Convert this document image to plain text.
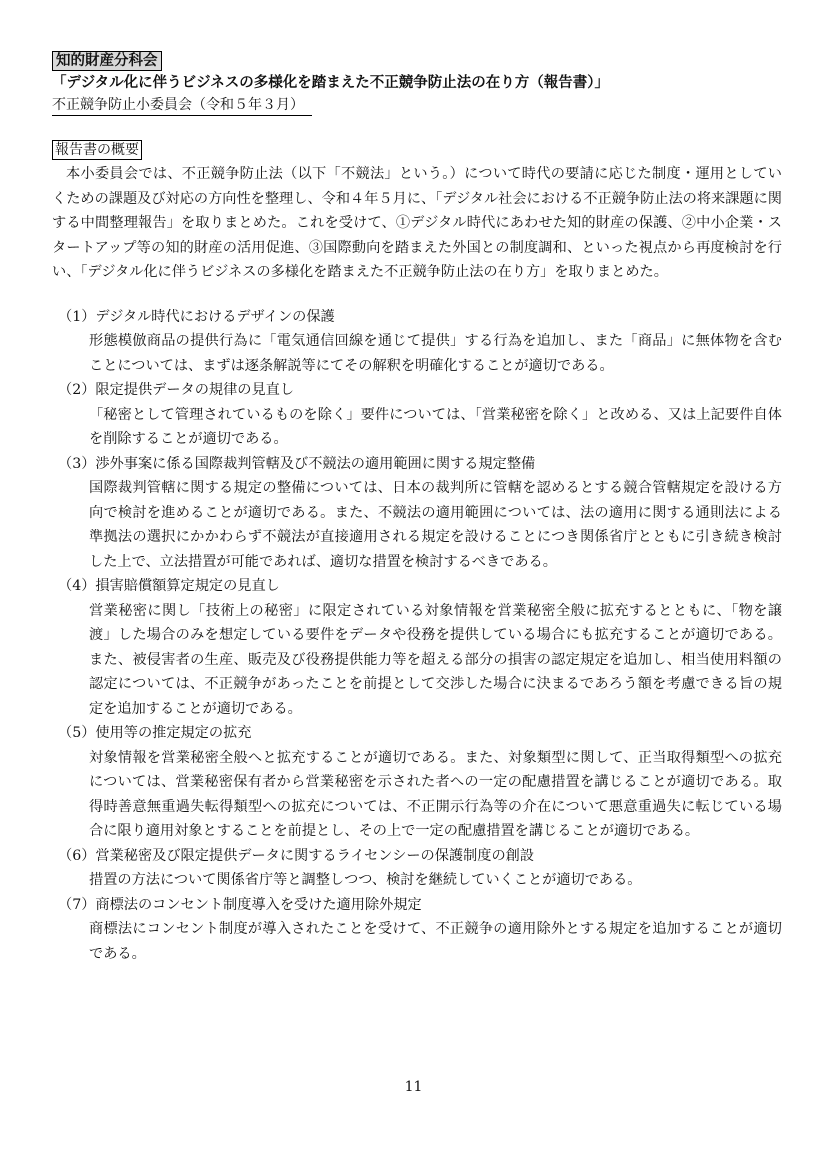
知的財産分科会
「デジタル化に伴うビジネスの多様化を踏まえた不正競争防止法の在り方（報告書）」
不正競争防止小委員会（令和５年３月）
報告書の概要

本小委員会では、不正競争防止法（以下「不競法」という。）について時代の要請に応じた制度・運用としていくための課題及び対応の方向性を整理し、令和４年５月に、「デジタル社会における不正競争防止法の将来課題に関する中間整理報告」を取りまとめた。これを受けて、①デジタル時代にあわせた知的財産の保護、②中小企業・スタートアップ等の知的財産の活用促進、③国際動向を踏まえた外国との制度調和、といった視点から再度検討を行い、「デジタル化に伴うビジネスの多様化を踏まえた不正競争防止法の在り方」を取りまとめた。

（1）デジタル時代におけるデザインの保護

形態模倣商品の提供行為に「電気通信回線を通じて提供」する行為を追加し、また「商品」に無体物を含むことについては、まずは逐条解説等にてその解釈を明確化することが適切である。

（2）限定提供データの規律の見直し

「秘密として管理されているものを除く」要件については、「営業秘密を除く」と改める、又は上記要件自体を削除することが適切である。

（3）渉外事案に係る国際裁判管轄及び不競法の適用範囲に関する規定整備

国際裁判管轄に関する規定の整備については、日本の裁判所に管轄を認めるとする競合管轄規定を設ける方向で検討を進めることが適切である。また、不競法の適用範囲については、法の適用に関する通則法による準拠法の選択にかかわらず不競法が直接適用される規定を設けることにつき関係省庁とともに引き続き検討した上で、立法措置が可能であれば、適切な措置を検討するべきである。

（4）損害賠償額算定規定の見直し

営業秘密に関し「技術上の秘密」に限定されている対象情報を営業秘密全般に拡充するとともに、「物を譲渡」した場合のみを想定している要件をデータや役務を提供している場合にも拡充することが適切である。また、被侵害者の生産、販売及び役務提供能力等を超える部分の損害の認定規定を追加し、相当使用料額の認定については、不正競争があったことを前提として交渉した場合に決まるであろう額を考慮できる旨の規定を追加することが適切である。

（5）使用等の推定規定の拡充

対象情報を営業秘密全般へと拡充することが適切である。また、対象類型に関して、正当取得類型への拡充については、営業秘密保有者から営業秘密を示された者への一定の配慮措置を講じることが適切である。取得時善意無重過失転得類型への拡充については、不正開示行為等の介在について悪意重過失に転じている場合に限り適用対象とすることを前提とし、その上で一定の配慮措置を講じることが適切である。

（6）営業秘密及び限定提供データに関するライセンシーの保護制度の創設

措置の方法について関係省庁等と調整しつつ、検討を継続していくことが適切である。

（7）商標法のコンセント制度導入を受けた適用除外規定

商標法にコンセント制度が導入されたことを受けて、不正競争の適用除外とする規定を追加することが適切である。

11
